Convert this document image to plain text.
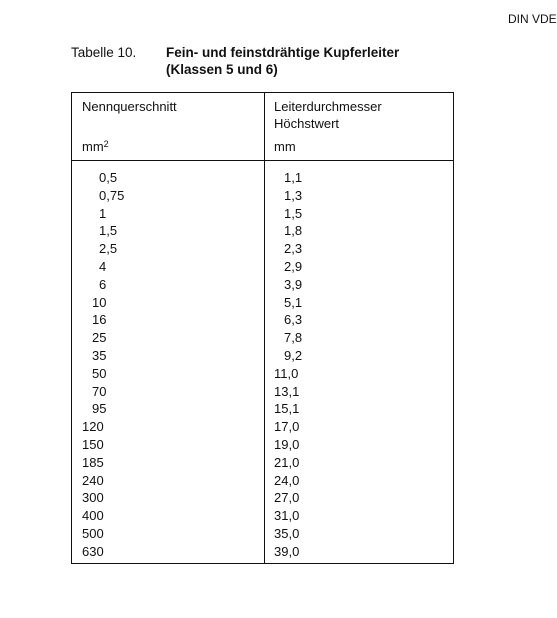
DIN VDE
Tabelle 10. Fein- und feinstdrähtige Kupferleiter
(Klassen 5 und 6)
Nennquerschnitt	Leiterdurchmesser
Höchstwert
$mm^2$	mm
0,5	1,1
0,75	1,3
1	1,5
1,5	1,8
2,5	2,3
4	2,9
6	3,9
10	5,1
16	6,3
25	7,8
35	9,2
50	11,0
70	13,1
95	15,1
120	17,0
150	19,0
185	21,0
240	24,0
300	27,0
400	31,0
500	35,0
630	39,0
